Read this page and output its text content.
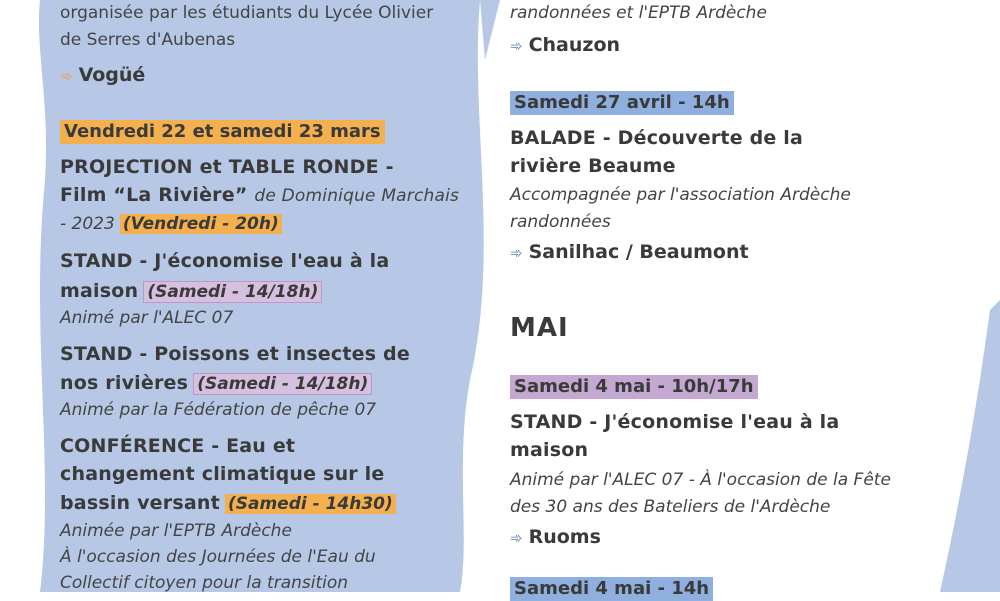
organisée par les étudiants du Lycée Olivier
de Serres d'Aubenas
➾ Vogüé
Vendredi 22 et samedi 23 mars
PROJECTION et TABLE RONDE -
Film “La Rivière” de Dominique Marchais
- 2023 (Vendredi - 20h)
STAND - J'économise l'eau à la
maison (Samedi - 14/18h)
Animé par l'ALEC 07
STAND - Poissons et insectes de
nos rivières (Samedi - 14/18h)
Animé par la Fédération de pêche 07
CONFÉRENCE - Eau et
changement climatique sur le
bassin versant (Samedi - 14h30)
Animée par l'EPTB Ardèche
À l'occasion des Journées de l'Eau du
Collectif citoyen pour la transition
randonnées et l'EPTB Ardèche
➾ Chauzon
Samedi 27 avril - 14h
BALADE - Découverte de la
rivière Beaume
Accompagnée par l'association Ardèche
randonnées
➾ Sanilhac / Beaumont
MAI
Samedi 4 mai - 10h/17h
STAND - J'économise l'eau à la
maison
Animé par l'ALEC 07 - À l'occasion de la Fête
des 30 ans des Bateliers de l'Ardèche
➾ Ruoms
Samedi 4 mai - 14h
